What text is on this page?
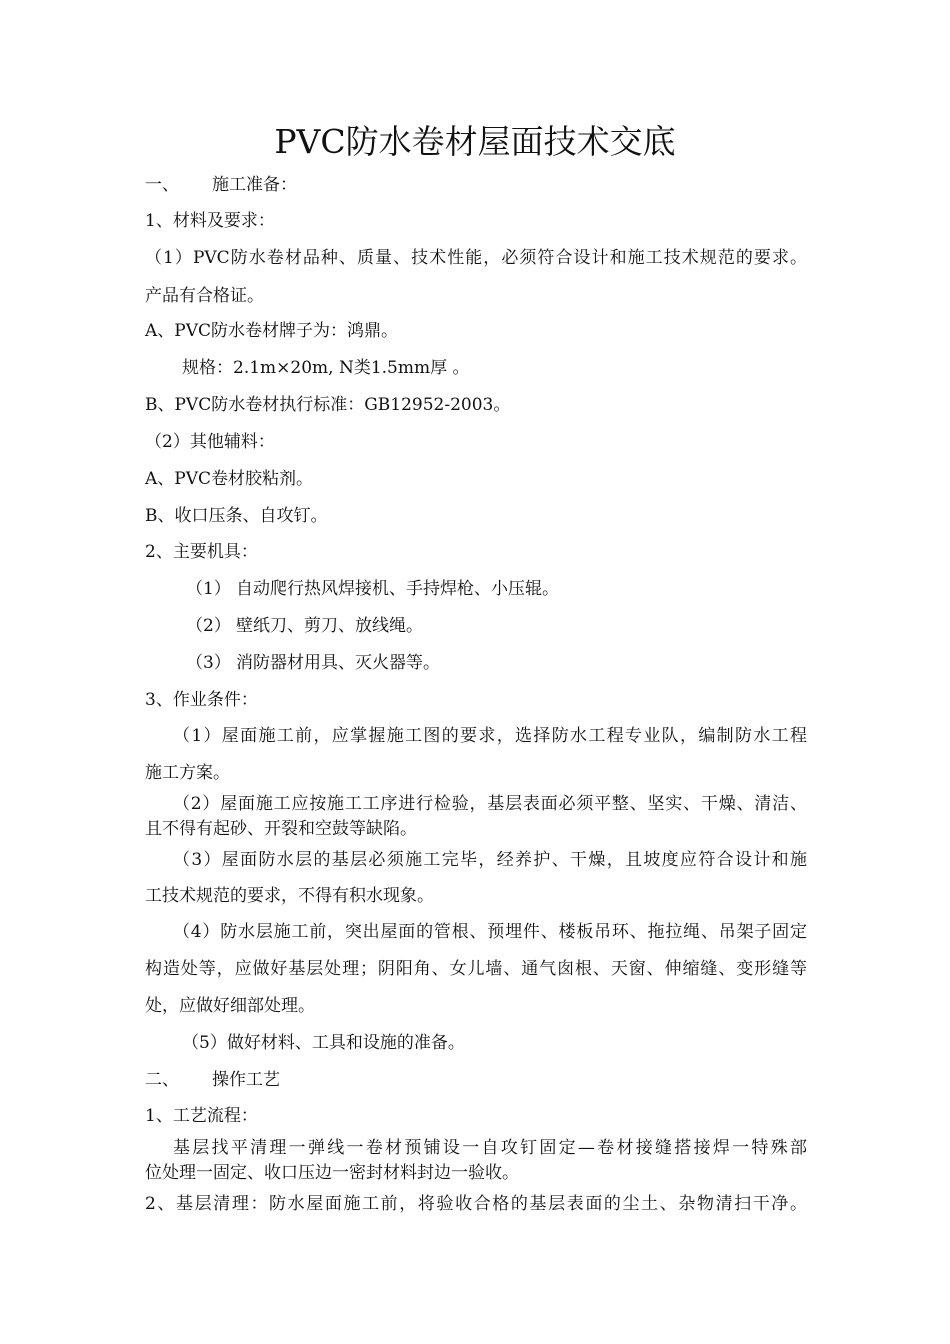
PVC防水卷材屋面技术交底
一、 施工准备：
1、材料及要求：
（1）PVC防水卷材品种、质量、技术性能，必须符合设计和施工技术规范的要求。
产品有合格证。
A、PVC防水卷材牌子为：鸿鼎。
规格：2.1m×20m, N类1.5mm厚 。
B、PVC防水卷材执行标准：GB12952-2003。
（2）其他辅料：
A、PVC卷材胶粘剂。
B、收口压条、自攻钉。
2、主要机具：
（1） 自动爬行热风焊接机、手持焊枪、小压辊。
（2） 壁纸刀、剪刀、放线绳。
（3） 消防器材用具、灭火器等。
3、作业条件：
（1）屋面施工前，应掌握施工图的要求，选择防水工程专业队，编制防水工程
施工方案。
（2）屋面施工应按施工工序进行检验，基层表面必须平整、坚实、干燥、清洁、
且不得有起砂、开裂和空鼓等缺陷。
（3）屋面防水层的基层必须施工完毕，经养护、干燥，且坡度应符合设计和施
工技术规范的要求，不得有积水现象。
（4）防水层施工前，突出屋面的管根、预埋件、楼板吊环、拖拉绳、吊架子固定
构造处等，应做好基层处理；阴阳角、女儿墙、通气囱根、天窗、伸缩缝、变形缝等
处，应做好细部处理。
（5）做好材料、工具和设施的准备。
二、 操作工艺
1、工艺流程：
基层找平清理一弹线一卷材预铺设一自攻钉固定—卷材接缝搭接焊一特殊部
位处理一固定、收口压边一密封材料封边一验收。
2、基层清理：防水屋面施工前，将验收合格的基层表面的尘土、杂物清扫干净。
